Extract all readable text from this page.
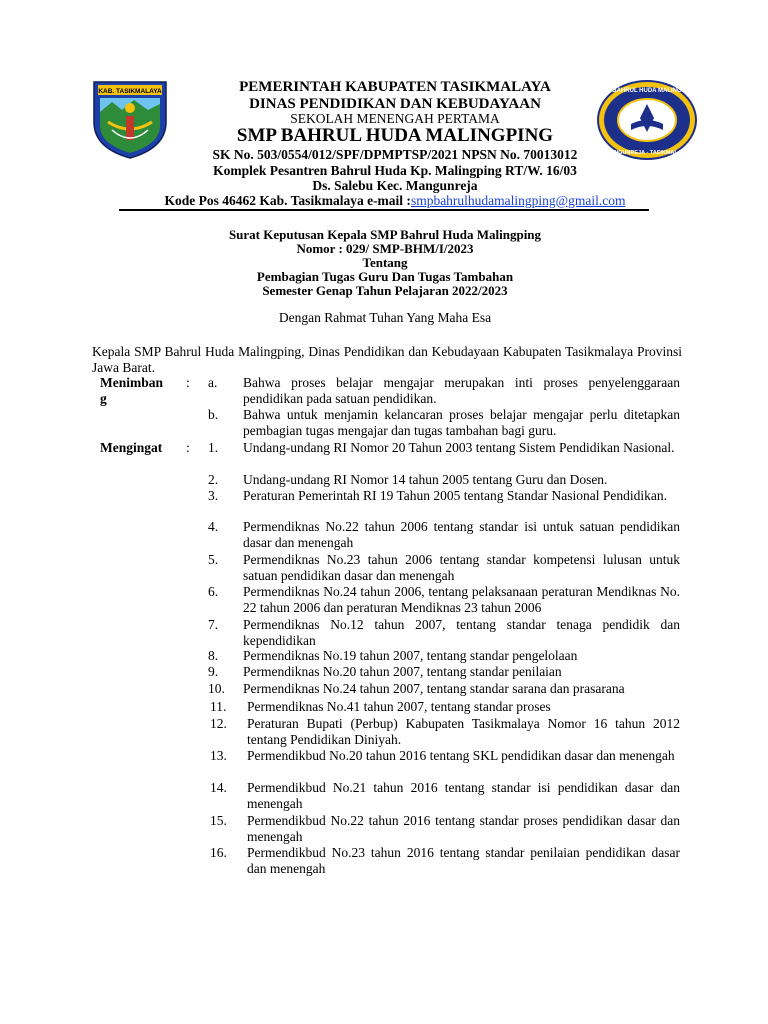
KAB. TASIKMALAYA	SMP BAHRUL HUDA MALINGPING
MANGUNREJA - TASIKMALAYA
PEMERINTAH KABUPATEN TASIKMALAYA
DINAS PENDIDIKAN DAN KEBUDAYAAN
SEKOLAH MENENGAH PERTAMA
SMP BAHRUL HUDA MALINGPING
SK No. 503/0554/012/SPF/DPMPTSP/2021 NPSN No. 70013012
Komplek Pesantren Bahrul Huda Kp. Malingping RT/W. 16/03
Ds. Salebu Kec. Mangunreja
Kode Pos 46462 Kab. Tasikmalaya e-mail :smpbahrulhudamalingping@gmail.com
Surat Keputusan Kepala SMP Bahrul Huda Malingping
Nomor : 029/ SMP-BHM/I/2023
Tentang
Pembagian Tugas Guru Dan Tugas Tambahan
Semester Genap Tahun Pelajaran 2022/2023
Dengan Rahmat Tuhan Yang Maha Esa
Kepala SMP Bahrul Huda Malingping, Dinas Pendidikan dan Kebudayaan Kabupaten Tasikmalaya Provinsi Jawa Barat.
Menimban g
: a. Bahwa proses belajar mengajar merupakan inti proses penyelenggaraan pendidikan pada satuan pendidikan.
b. Bahwa untuk menjamin kelancaran proses belajar mengajar perlu ditetapkan pembagian tugas mengajar dan tugas tambahan bagi guru.
Mengingat : 1. Undang-undang RI Nomor 20 Tahun 2003 tentang Sistem Pendidikan Nasional.
2. Undang-undang RI Nomor 14 tahun 2005 tentang Guru dan Dosen.
3. Peraturan Pemerintah RI 19 Tahun 2005 tentang Standar Nasional Pendidikan.
4. Permendiknas No.22 tahun 2006 tentang standar isi untuk satuan pendidikan dasar dan menengah
5. Permendiknas No.23 tahun 2006 tentang standar kompetensi lulusan untuk satuan pendidikan dasar dan menengah
6. Permendiknas No.24 tahun 2006, tentang pelaksanaan peraturan Mendiknas No. 22 tahun 2006 dan peraturan Mendiknas 23 tahun 2006
7. Permendiknas No.12 tahun 2007, tentang standar tenaga pendidik dan kependidikan
8. Permendiknas No.19 tahun 2007, tentang standar pengelolaan
9. Permendiknas No.20 tahun 2007, tentang standar penilaian
10. Permendiknas No.24 tahun 2007, tentang standar sarana dan prasarana
11. Permendiknas No.41 tahun 2007, tentang standar proses
12. Peraturan Bupati (Perbup) Kabupaten Tasikmalaya Nomor 16 tahun 2012 tentang Pendidikan Diniyah.
13. Permendikbud No.20 tahun 2016 tentang SKL pendidikan dasar dan menengah
14. Permendikbud No.21 tahun 2016 tentang standar isi pendidikan dasar dan menengah
15. Permendikbud No.22 tahun 2016 tentang standar proses pendidikan dasar dan menengah
16. Permendikbud No.23 tahun 2016 tentang standar penilaian pendidikan dasar dan menengah
